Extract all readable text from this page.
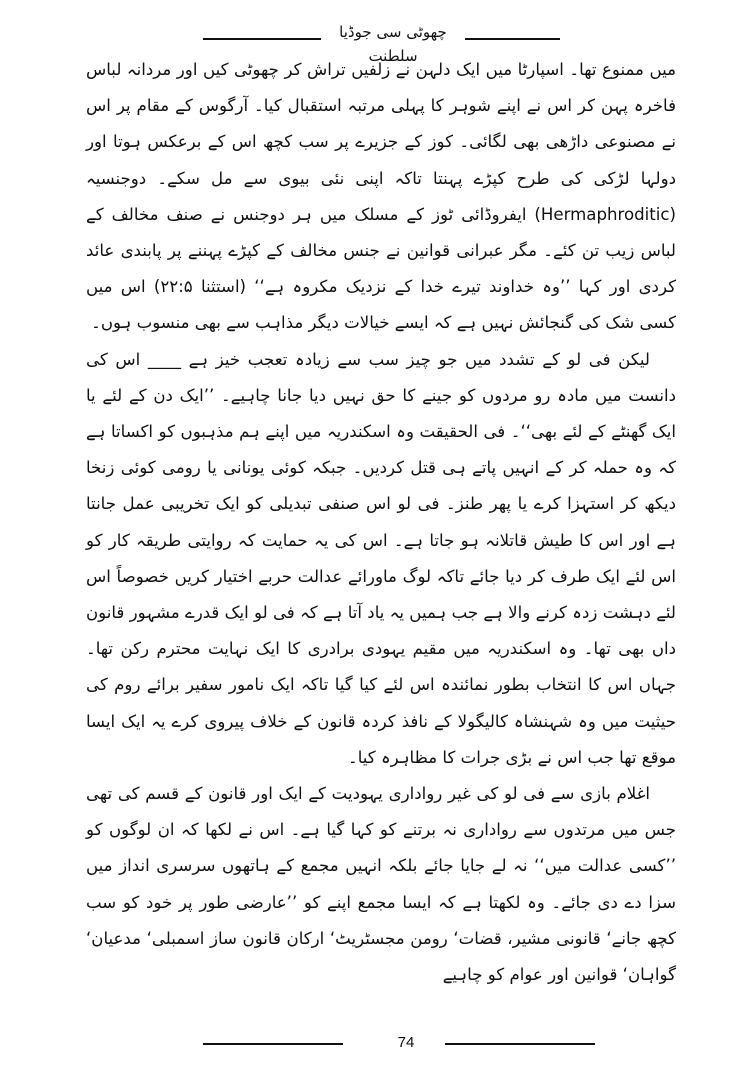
چھوٹی سی جوڈیا سلطنت

میں ممنوع تھا۔ اسپارٹا میں ایک دلہن نے زلفیں تراش کر چھوٹی کیں اور مردانہ لباس فاخرہ پہن کر اس نے اپنے شوہر کا پہلی مرتبہ استقبال کیا۔ آرگوس کے مقام پر اس نے مصنوعی داڑھی بھی لگائی۔ کوز کے جزیرے پر سب کچھ اس کے برعکس ہوتا اور دولہا لڑکی کی طرح کپڑے پہنتا تاکہ اپنی نئی بیوی سے مل سکے۔ دوجنسیہ (Hermaphroditic) ایفروڈائی ٹوز کے مسلک میں ہر دوجنس نے صنف مخالف کے لباس زیب تن کئے۔ مگر عبرانی قوانین نے جنس مخالف کے کپڑے پہننے پر پابندی عائد کردی اور کہا ’’وہ خداوند تیرے خدا کے نزدیک مکروہ ہے‘‘ (استثنا ۲۲:۵) اس میں کسی شک کی گنجائش نہیں ہے کہ ایسے خیالات دیگر مذاہب سے بھی منسوب ہوں۔

لیکن فی لو کے تشدد میں جو چیز سب سے زیادہ تعجب خیز ہے ____ اس کی دانست میں مادہ رو مردوں کو جینے کا حق نہیں دیا جانا چاہیے۔ ’’ایک دن کے لئے یا ایک گھنٹے کے لئے بھی‘‘۔ فی الحقیقت وہ اسکندریہ میں اپنے ہم مذہبوں کو اکساتا ہے کہ وہ حملہ کر کے انہیں پاتے ہی قتل کردیں۔ جبکہ کوئی یونانی یا رومی کوئی زنخا دیکھ کر استہزا کرے یا پھر طنز۔ فی لو اس صنفی تبدیلی کو ایک تخریبی عمل جانتا ہے اور اس کا طیش قاتلانہ ہو جاتا ہے۔ اس کی یہ حمایت کہ روایتی طریقہ کار کو اس لئے ایک طرف کر دیا جائے تاکہ لوگ ماورائے عدالت حربے اختیار کریں خصوصاً اس لئے دہشت زدہ کرنے والا ہے جب ہمیں یہ یاد آتا ہے کہ فی لو ایک قدرے مشہور قانون داں بھی تھا۔ وہ اسکندریہ میں مقیم یہودی برادری کا ایک نہایت محترم رکن تھا۔ جہاں اس کا انتخاب بطور نمائندہ اس لئے کیا گیا تاکہ ایک نامور سفیر برائے روم کی حیثیت میں وہ شہنشاہ کالیگولا کے نافذ کردہ قانون کے خلاف پیروی کرے یہ ایک ایسا موقع تھا جب اس نے بڑی جرات کا مظاہرہ کیا۔

اغلام بازی سے فی لو کی غیر رواداری یہودیت کے ایک اور قانون کے قسم کی تھی جس میں مرتدوں سے رواداری نہ برتنے کو کہا گیا ہے۔ اس نے لکھا کہ ان لوگوں کو ’’کسی عدالت میں‘‘ نہ لے جایا جائے بلکہ انہیں مجمع کے ہاتھوں سرسری انداز میں سزا دے دی جائے۔ وہ لکھتا ہے کہ ایسا مجمع اپنے کو ’’عارضی طور پر خود کو سب کچھ جانے‘ قانونی مشیر، قضات‘ رومن مجسٹریٹ‘ ارکان قانون ساز اسمبلی‘ مدعیان‘ گواہان‘ قوانین اور عوام کو چاہیے

74
